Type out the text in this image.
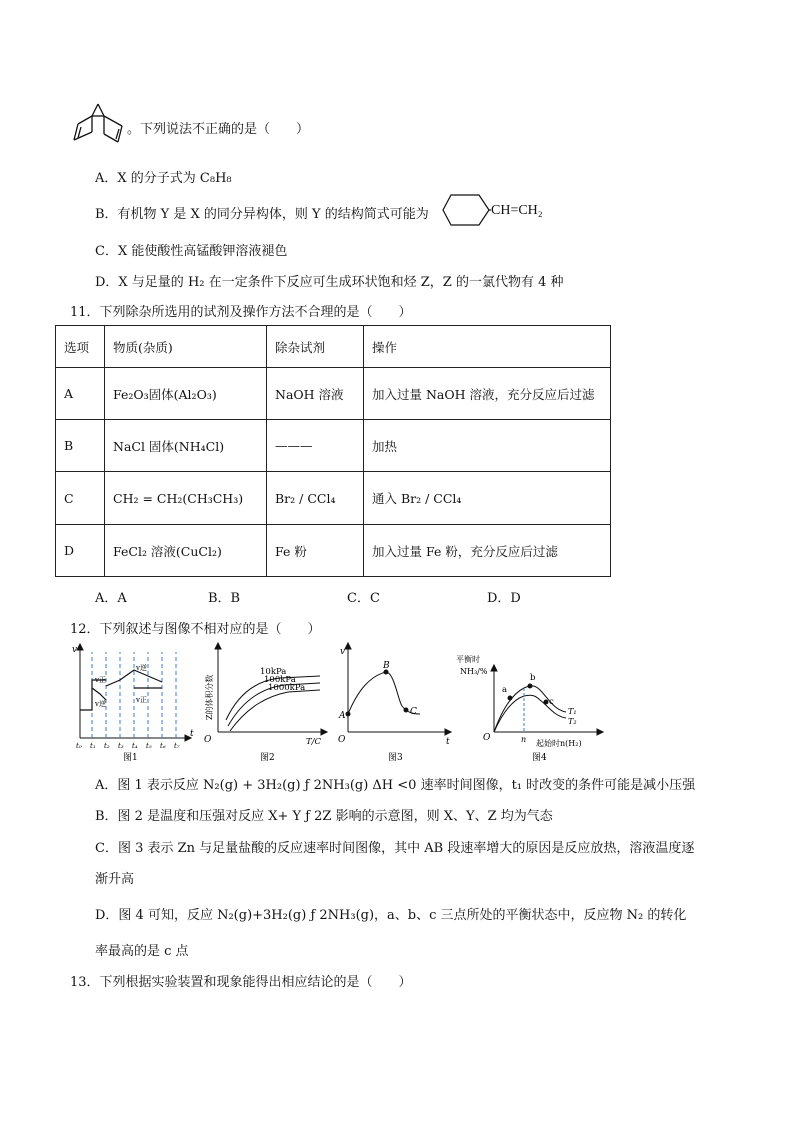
。下列说法不正确的是（　　）
A．X 的分子式为 C₈H₈
B．有机物 Y 是 X 的同分异构体，则 Y 的结构简式可能为	CH=CH₂
C．X 能使酸性高锰酸钾溶液褪色
D．X 与足量的 H₂ 在一定条件下反应可生成环状饱和烃 Z，Z 的一氯代物有 4 种
11．下列除杂所选用的试剂及操作方法不合理的是（　　）
选项	物质(杂质)	除杂试剂	操作
A	Fe₂O₃固体(Al₂O₃)	NaOH 溶液	加入过量 NaOH 溶液，充分反应后过滤
B	NaCl 固体(NH₄Cl)	———	加热
C	CH₂ = CH₂(CH₃CH₃)	Br₂ / CCl₄	通入 Br₂ / CCl₄
D	FeCl₂ 溶液(CuCl₂)	Fe 粉	加入过量 Fe 粉，充分反应后过滤
A．A	B．B	C．C	D．D
12．下列叙述与图像不相对应的是（　　）
v正
v逆
v逆
v正
v
t
t₀ t₁ t₂ t₃ t₄ t₅ t₆ t₇
图1
10kPa
100kPa
1000kPa
Z的体积分数
O	T/C
图2
A
B
C
v
O	t
图3
a
b
c
T₁
T₂
平衡时
NH₃/%
O	n 起始时n(H₂)
图4
A．图 1 表示反应 N₂(g) + 3H₂(g) ƒ 2NH₃(g) ΔH <0 速率时间图像，t₁ 时改变的条件可能是减小压强
B．图 2 是温度和压强对反应 X+ Y ƒ 2Z 影响的示意图，则 X、Y、Z 均为气态
C．图 3 表示 Zn 与足量盐酸的反应速率时间图像，其中 AB 段速率增大的原因是反应放热，溶液温度逐
渐升高
D．图 4 可知，反应 N₂(g)+3H₂(g) ƒ 2NH₃(g)，a、b、c 三点所处的平衡状态中，反应物 N₂ 的转化
率最高的是 c 点
13．下列根据实验装置和现象能得出相应结论的是（　　）
